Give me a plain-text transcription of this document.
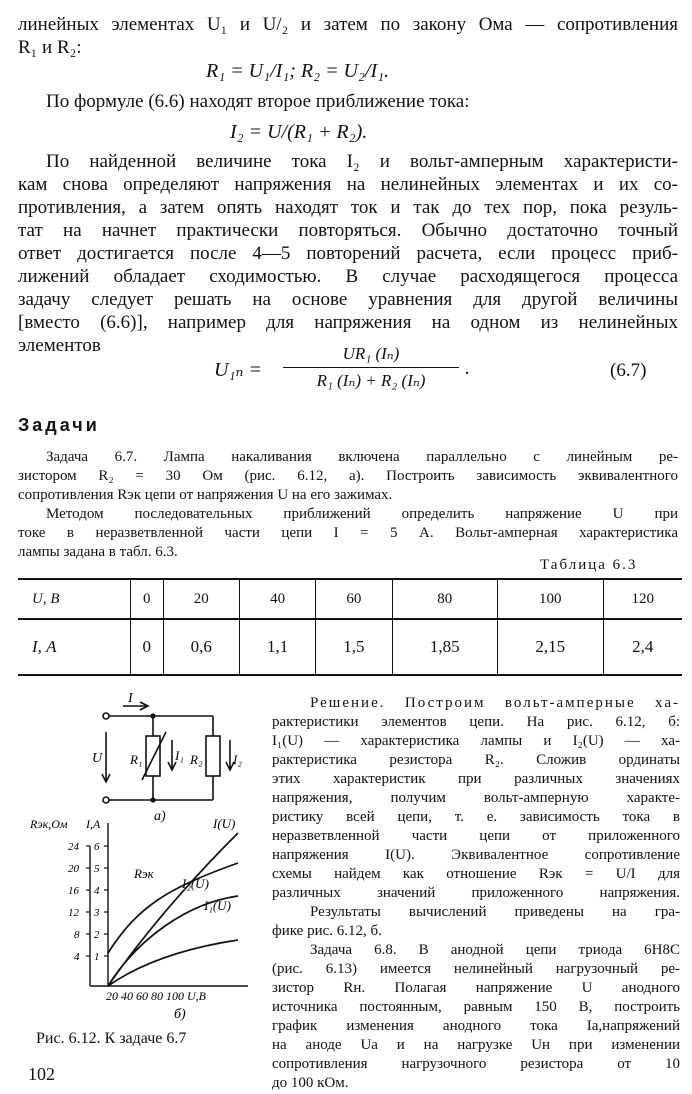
линейных элементах U₁ и U/₂ и затем по закону Ома — сопротивления
R₁ и R₂:
R₁ = U₁/I₁; R₂ = U₂/I₁.
По формуле (6.6) находят второе приближение тока:
I₂ = U/(R₁ + R₂).
По найденной величине тока I₂ и вольт-амперным характеристи-
кам снова определяют напряжения на нелинейных элементах и их со-
противления, а затем опять находят ток и так до тех пор, пока резуль-
тат на начнет практически повторяться. Обычно достаточно точный
ответ достигается после 4—5 повторений расчета, если процесс приб-
лижений обладает сходимостью. В случае расходящегося процесса
задачу следует решать на основе уравнения для другой величины
[вместо (6.6)], например для напряжения на одном из нелинейных
элементов
U₁ₙ =
UR₁ (Iₙ)
R₁ (Iₙ) + R₂ (Iₙ)
.	(6.7)
Задачи
Задача 6.7. Лампа накаливания включена параллельно с линейным ре-
зистором R₂ = 30 Ом (рис. 6.12, а). Построить зависимость эквивалентного
сопротивления Rэк цепи от напряжения U на его зажимах.
Методом последовательных приближений определить напряжение U при
токе в неразветвленной части цепи I = 5 А. Вольт-амперная характеристика
лампы задана в табл. 6.3.
Таблица 6.3
U, В	0	20	40	60	80	100	120
I, А	0	0,6	1,1	1,5	1,85	2,15	2,4
I
U R₁	I₁ R₂ I₂
a)
Rэк,Ом I,A
24
20
16
12
8
4
6
5
4
3
2
1
20 40 60 80 100 U,B
I(U)
Rэк
I₂(U)
I₁(U)
б)
Рис. 6.12. К задаче 6.7
Решение. Построим вольт-амперные ха-
рактеристики элементов цепи. На рис. 6.12, б:
I₁(U) — характеристика лампы и I₂(U) — ха-
рактеристика резистора R₂. Сложив ординаты
этих характеристик при различных значениях
напряжения, получим вольт-амперную характе-
ристику всей цепи, т. е. зависимость тока в
неразветвленной части цепи от приложенного
напряжения I(U). Эквивалентное сопротивление
схемы найдем как отношение Rэк = U/I для
различных значений приложенного напряжения.
Результаты вычислений приведены на гра-
фике рис. 6.12, б.
Задача 6.8. В анодной цепи триода 6Н8С
(рис. 6.13) имеется нелинейный нагрузочный ре-
зистор Rн. Полагая напряжение U анодного
источника постоянным, равным 150 В, построить
график изменения анодного тока Iа,напряжений
на аноде Uа и на нагрузке Uн при изменении
сопротивления нагрузочного резистора от 10
до 100 кОм.
102
